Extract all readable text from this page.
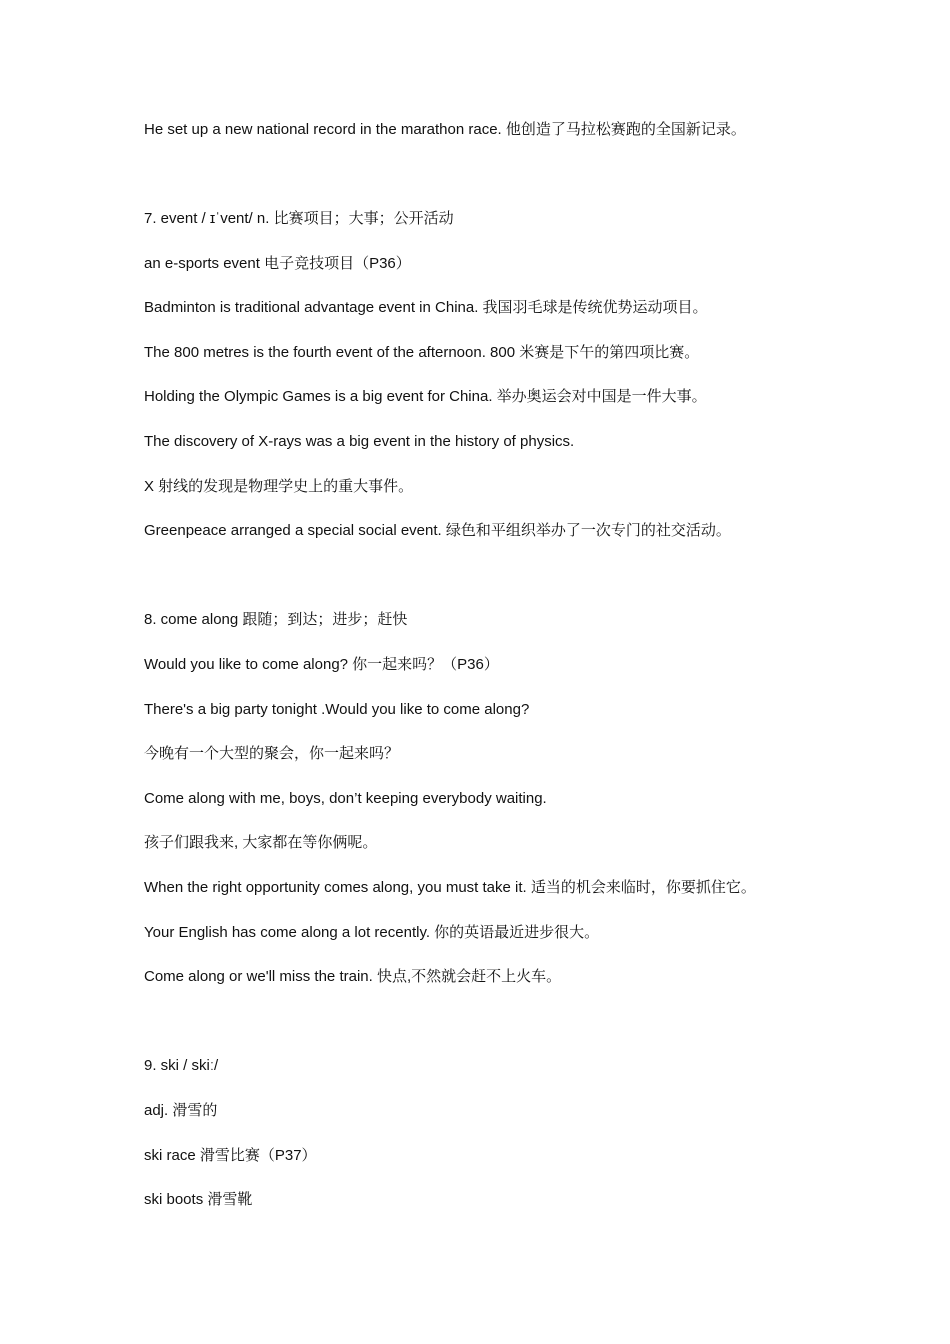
He set up a new national record in the marathon race. 他创造了马拉松赛跑的全国新记录。
7. event / ɪˈvent/ n. 比赛项目；大事；公开活动
an e-sports event 电子竞技项目（P36）
Badminton is traditional advantage event in China. 我国羽毛球是传统优势运动项目。
The 800 metres is the fourth event of the afternoon. 800 米赛是下午的第四项比赛。
Holding the Olympic Games is a big event for China. 举办奥运会对中国是一件大事。
The discovery of X-rays was a big event in the history of physics.
X 射线的发现是物理学史上的重大事件。
Greenpeace arranged a special social event. 绿色和平组织举办了一次专门的社交活动。
8. come along 跟随；到达；进步；赶快
Would you like to come along? 你一起来吗？（P36）
There's a big party tonight .Would you like to come along?
今晚有一个大型的聚会，你一起来吗？
Come along with me, boys, don’t keeping everybody waiting.
孩子们跟我来, 大家都在等你俩呢。
When the right opportunity comes along, you must take it. 适当的机会来临时，你要抓住它。
Your English has come along a lot recently. 你的英语最近进步很大。
Come along or we'll miss the train. 快点,不然就会赶不上火车。
9. ski / skiː/
adj. 滑雪的
ski race 滑雪比赛（P37）
ski boots 滑雪靴
